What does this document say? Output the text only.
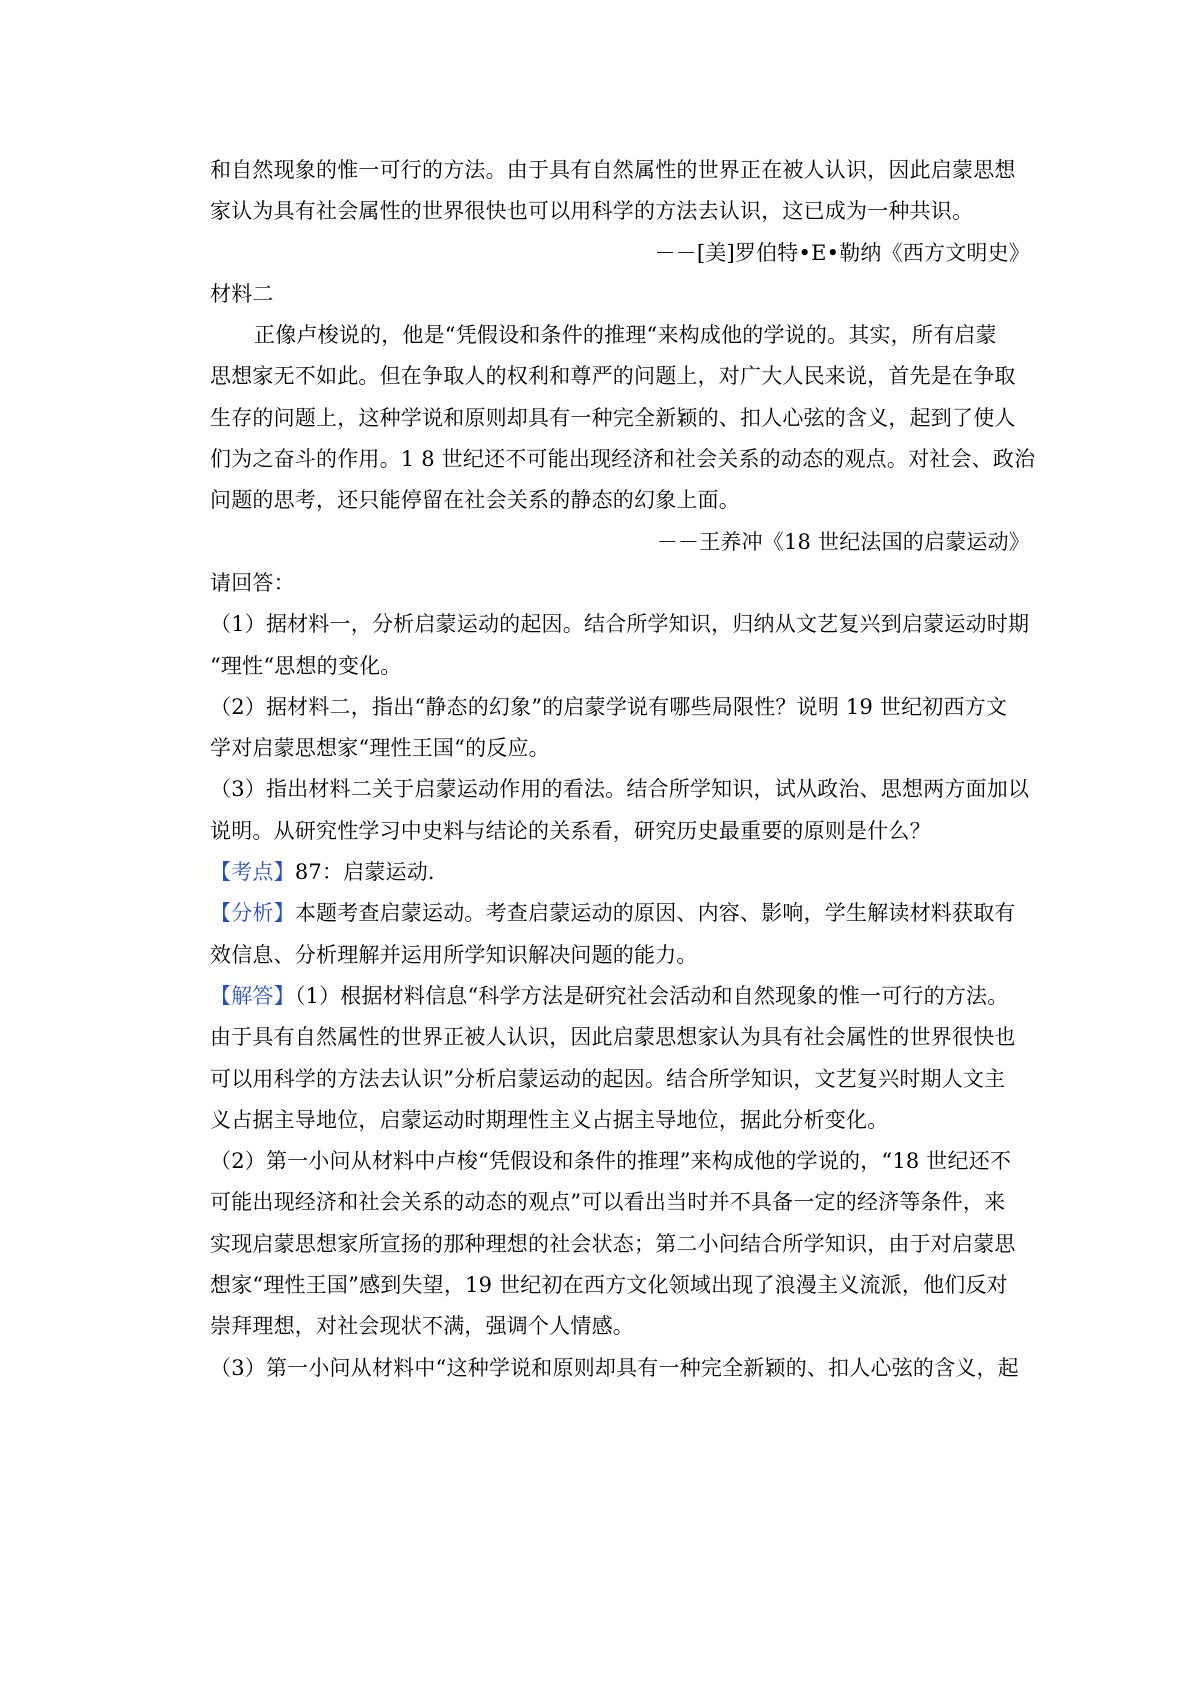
和自然现象的惟一可行的方法。由于具有自然属性的世界正在被人认识，因此启蒙思想
家认为具有社会属性的世界很快也可以用科学的方法去认识，这已成为一种共识。
－－[美]罗伯特•E•勒纳《西方文明史》
材料二
正像卢梭说的，他是“凭假设和条件的推理“来构成他的学说的。其实，所有启蒙
思想家无不如此。但在争取人的权利和尊严的问题上，对广大人民来说，首先是在争取
生存的问题上，这种学说和原则却具有一种完全新颖的、扣人心弦的含义，起到了使人
们为之奋斗的作用。1 8 世纪还不可能出现经济和社会关系的动态的观点。对社会、政治
问题的思考，还只能停留在社会关系的静态的幻象上面。
－－王养冲《18 世纪法国的启蒙运动》
请回答：
（1）据材料一，分析启蒙运动的起因。结合所学知识，归纳从文艺复兴到启蒙运动时期
“理性“思想的变化。
（2）据材料二，指出“静态的幻象”的启蒙学说有哪些局限性？说明 19 世纪初西方文
学对启蒙思想家“理性王国“的反应。
（3）指出材料二关于启蒙运动作用的看法。结合所学知识，试从政治、思想两方面加以
说明。从研究性学习中史料与结论的关系看，研究历史最重要的原则是什么？
【考点】87：启蒙运动．
【分析】本题考查启蒙运动。考查启蒙运动的原因、内容、影响，学生解读材料获取有
效信息、分析理解并运用所学知识解决问题的能力。
【解答】（1）根据材料信息“科学方法是研究社会活动和自然现象的惟一可行的方法。
由于具有自然属性的世界正被人认识，因此启蒙思想家认为具有社会属性的世界很快也
可以用科学的方法去认识”分析启蒙运动的起因。结合所学知识，文艺复兴时期人文主
义占据主导地位，启蒙运动时期理性主义占据主导地位，据此分析变化。
（2）第一小问从材料中卢梭“凭假设和条件的推理”来构成他的学说的，“18 世纪还不
可能出现经济和社会关系的动态的观点”可以看出当时并不具备一定的经济等条件，来
实现启蒙思想家所宣扬的那种理想的社会状态；第二小问结合所学知识，由于对启蒙思
想家“理性王国”感到失望，19 世纪初在西方文化领域出现了浪漫主义流派，他们反对
崇拜理想，对社会现状不满，强调个人情感。
（3）第一小问从材料中“这种学说和原则却具有一种完全新颖的、扣人心弦的含义，起
